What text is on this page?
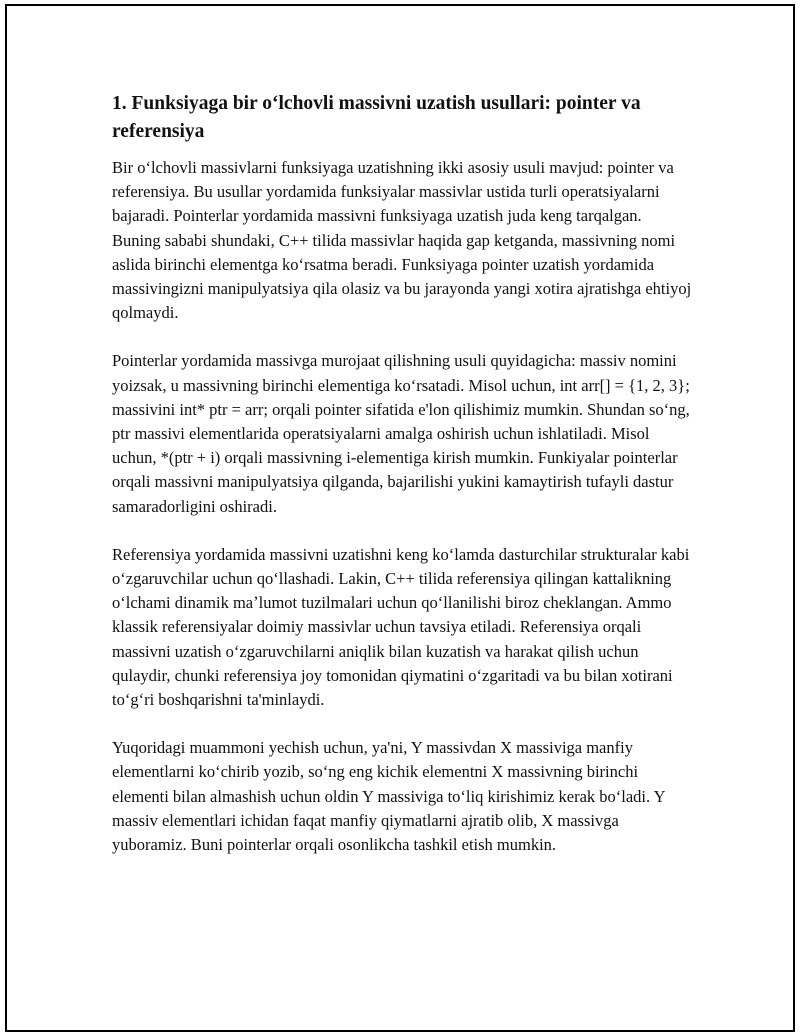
1. Funksiyaga bir oʻlchovli massivni uzatish usullari: pointer va referensiya

Bir oʻlchovli massivlarni funksiyaga uzatishning ikki asosiy usuli mavjud: pointer va referensiya. Bu usullar yordamida funksiyalar massivlar ustida turli operatsiyalarni bajaradi. Pointerlar yordamida massivni funksiyaga uzatish juda keng tarqalgan. Buning sababi shundaki, C++ tilida massivlar haqida gap ketganda, massivning nomi aslida birinchi elementga koʻrsatma beradi. Funksiyaga pointer uzatish yordamida massivingizni manipulyatsiya qila olasiz va bu jarayonda yangi xotira ajratishga ehtiyoj qolmaydi.

Pointerlar yordamida massivga murojaat qilishning usuli quyidagicha: massiv nomini yoizsak, u massivning birinchi elementiga koʻrsatadi. Misol uchun, int arr[] = {1, 2, 3}; massivini int* ptr = arr; orqali pointer sifatida e'lon qilishimiz mumkin. Shundan soʻng, ptr massivi elementlarida operatsiyalarni amalga oshirish uchun ishlatiladi. Misol uchun, *(ptr + i) orqali massivning i-elementiga kirish mumkin. Funkiyalar pointerlar orqali massivni manipulyatsiya qilganda, bajarilishi yukini kamaytirish tufayli dastur samaradorligini oshiradi.

Referensiya yordamida massivni uzatishni keng koʻlamda dasturchilar strukturalar kabi oʻzgaruvchilar uchun qoʻllashadi. Lakin, C++ tilida referensiya qilingan kattalikning oʻlchami dinamik maʼlumot tuzilmalari uchun qoʻllanilishi biroz cheklangan. Ammo klassik referensiyalar doimiy massivlar uchun tavsiya etiladi. Referensiya orqali massivni uzatish oʻzgaruvchilarni aniqlik bilan kuzatish va harakat qilish uchun qulaydir, chunki referensiya joy tomonidan qiymatini oʻzgaritadi va bu bilan xotirani toʻgʻri boshqarishni ta'minlaydi.

Yuqoridagi muammoni yechish uchun, ya'ni, Y massivdan X massiviga manfiy elementlarni koʻchirib yozib, soʻng eng kichik elementni X massivning birinchi elementi bilan almashish uchun oldin Y massiviga toʻliq kirishimiz kerak boʻladi. Y massiv elementlari ichidan faqat manfiy qiymatlarni ajratib olib, X massivga yuboramiz. Buni pointerlar orqali osonlikcha tashkil etish mumkin.
